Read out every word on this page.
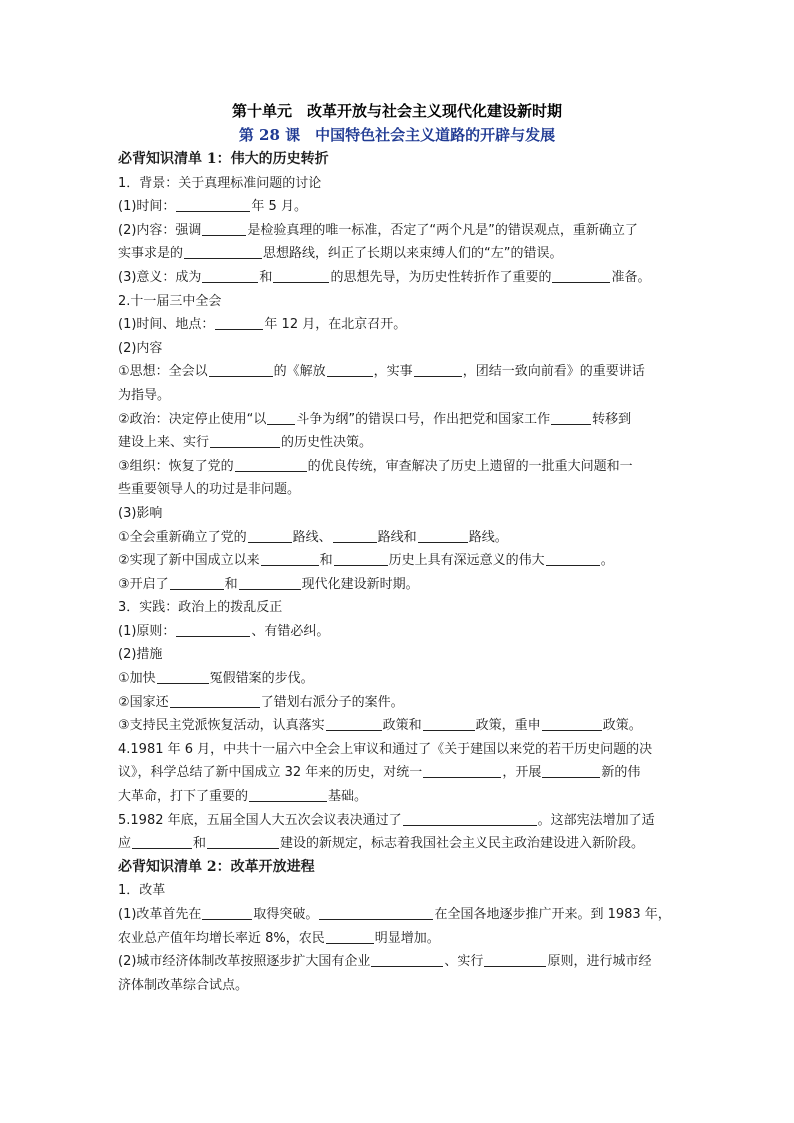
第十单元　改革开放与社会主义现代化建设新时期
第 28 课　中国特色社会主义道路的开辟与发展
必背知识清单 1：伟大的历史转折
1．背景：关于真理标准问题的讨论
(1)时间：	年 5 月。
(2)内容：强调	是检验真理的唯一标准，否定了“两个凡是”的错误观点，重新确立了
实事求是的	思想路线，纠正了长期以来束缚人们的“左”的错误。
(3)意义：成为	和	的思想先导，为历史性转折作了重要的	准备。
2.十一届三中全会
(1)时间、地点：	年 12 月，在北京召开。
(2)内容
①思想：全会以	的《解放	，实事	，团结一致向前看》的重要讲话
为指导。
②政治：决定停止使用“以 斗争为纲”的错误口号，作出把党和国家工作	转移到
建设上来、实行	的历史性决策。
③组织：恢复了党的	的优良传统，审查解决了历史上遗留的一批重大问题和一
些重要领导人的功过是非问题。
(3)影响
①全会重新确立了党的	路线、	路线和	路线。
②实现了新中国成立以来	和	历史上具有深远意义的伟大	。
③开启了	和	现代化建设新时期。
3．实践：政治上的拨乱反正
(1)原则：	、有错必纠。
(2)措施
①加快	冤假错案的步伐。
②国家还	了错划右派分子的案件。
③支持民主党派恢复活动，认真落实	政策和	政策，重申	政策。
4.1981 年 6 月，中共十一届六中全会上审议和通过了《关于建国以来党的若干历史问题的决
议》，科学总结了新中国成立 32 年来的历史，对统一	，开展	新的伟
大革命，打下了重要的	基础。
5.1982 年底，五届全国人大五次会议表决通过了	。这部宪法增加了适
应	和	建设的新规定，标志着我国社会主义民主政治建设进入新阶段。
必背知识清单 2：改革开放进程
1．改革
(1)改革首先在	取得突破。	在全国各地逐步推广开来。到 1983 年，
农业总产值年均增长率近 8%，农民	明显增加。
(2)城市经济体制改革按照逐步扩大国有企业	、实行	原则，进行城市经
济体制改革综合试点。
